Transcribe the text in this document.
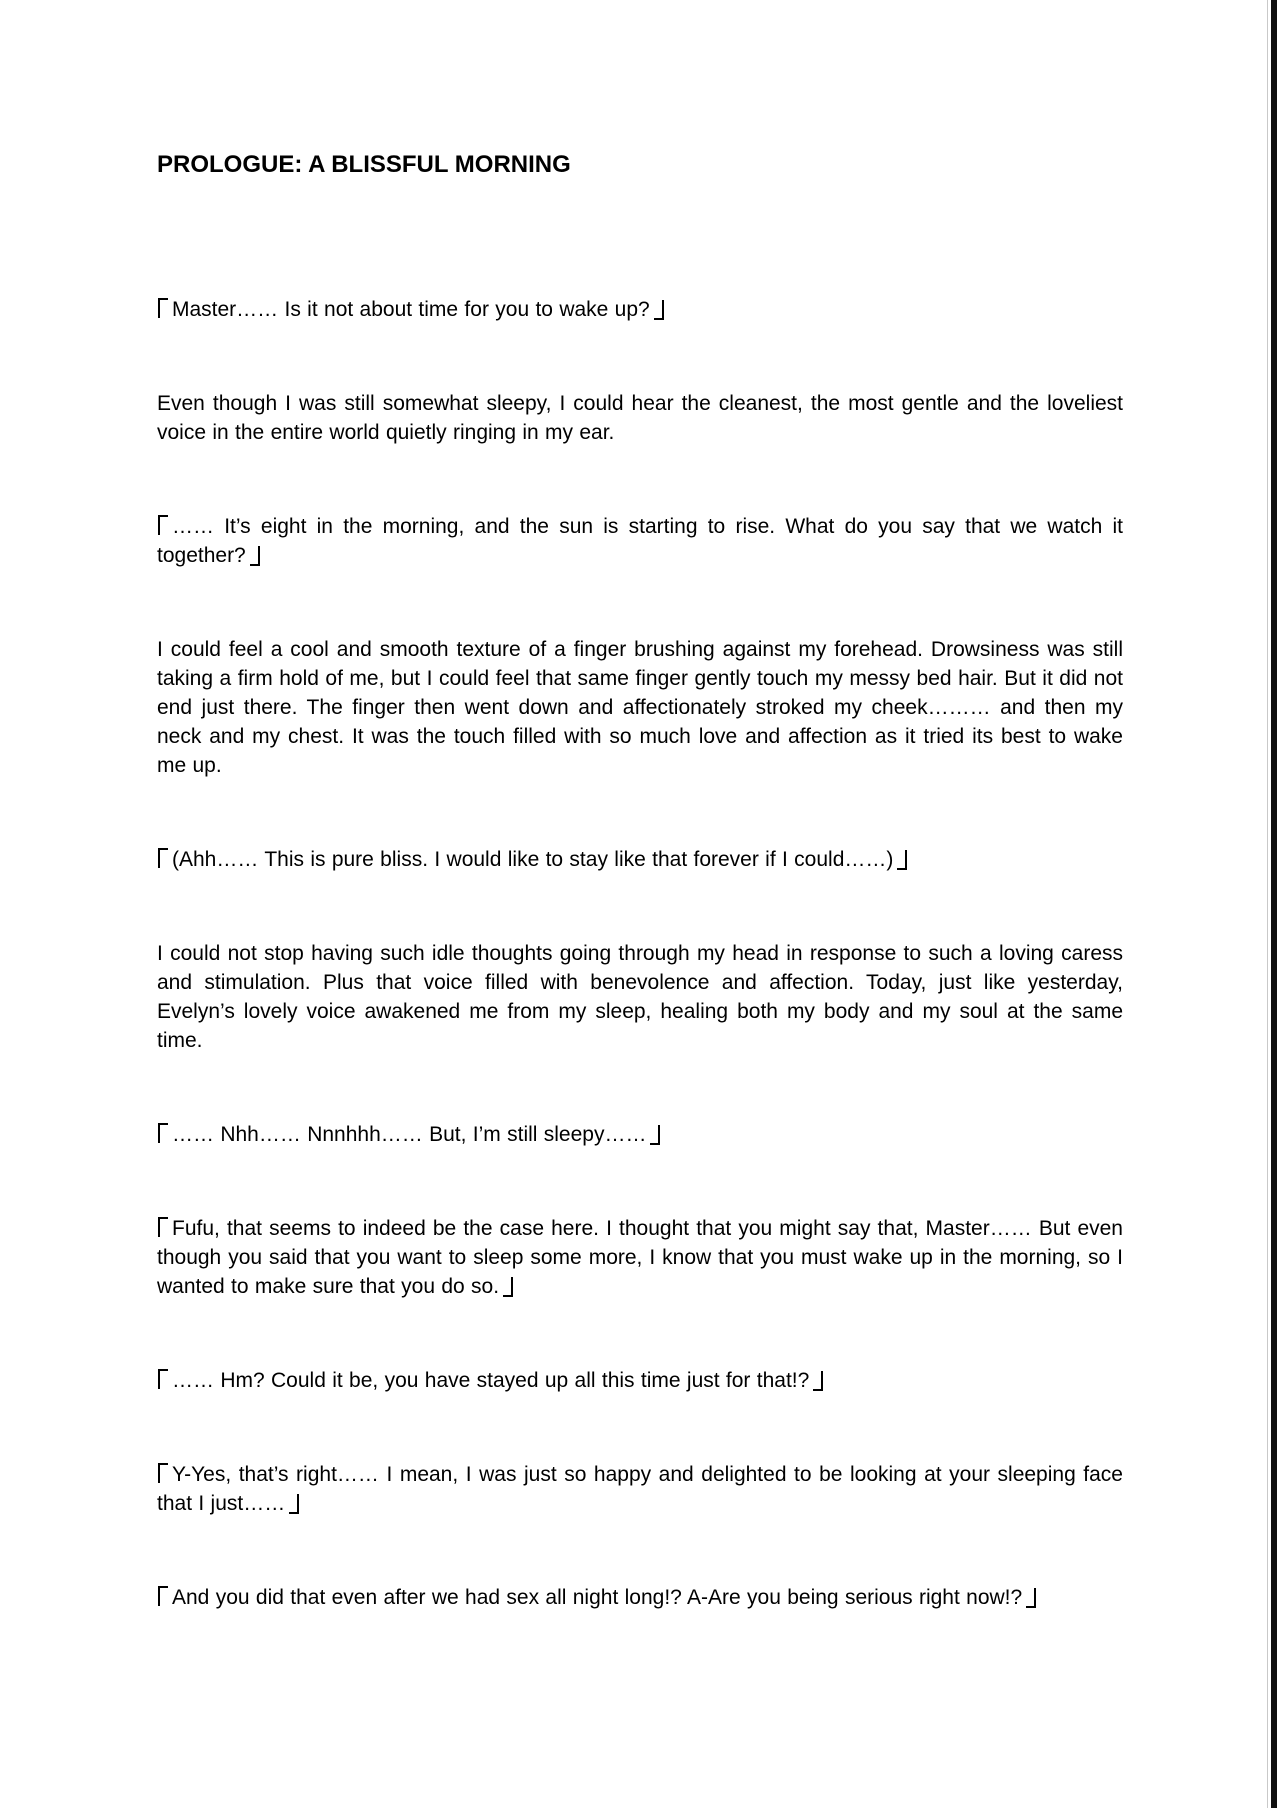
PROLOGUE: A BLISSFUL MORNING

Master…… Is it not about time for you to wake up?

Even though I was still somewhat sleepy, I could hear the cleanest, the most gentle and the loveliest voice in the entire world quietly ringing in my ear.

…… It’s eight in the morning, and the sun is starting to rise. What do you say that we watch it together?

I could feel a cool and smooth texture of a finger brushing against my forehead. Drowsiness was still taking a firm hold of me, but I could feel that same finger gently touch my messy bed hair. But it did not end just there. The finger then went down and affectionately stroked my cheek……… and then my neck and my chest. It was the touch filled with so much love and affection as it tried its best to wake me up.

(Ahh…… This is pure bliss. I would like to stay like that forever if I could……)

I could not stop having such idle thoughts going through my head in response to such a loving caress and stimulation. Plus that voice filled with benevolence and affection. Today, just like yesterday, Evelyn’s lovely voice awakened me from my sleep, healing both my body and my soul at the same time.

…… Nhh…… Nnnhhh…… But, I’m still sleepy……

Fufu, that seems to indeed be the case here. I thought that you might say that, Master…… But even though you said that you want to sleep some more, I know that you must wake up in the morning, so I wanted to make sure that you do so.

…… Hm? Could it be, you have stayed up all this time just for that!?

Y-Yes, that’s right…… I mean, I was just so happy and delighted to be looking at your sleeping face that I just……

And you did that even after we had sex all night long!? A-Are you being serious right now!?
